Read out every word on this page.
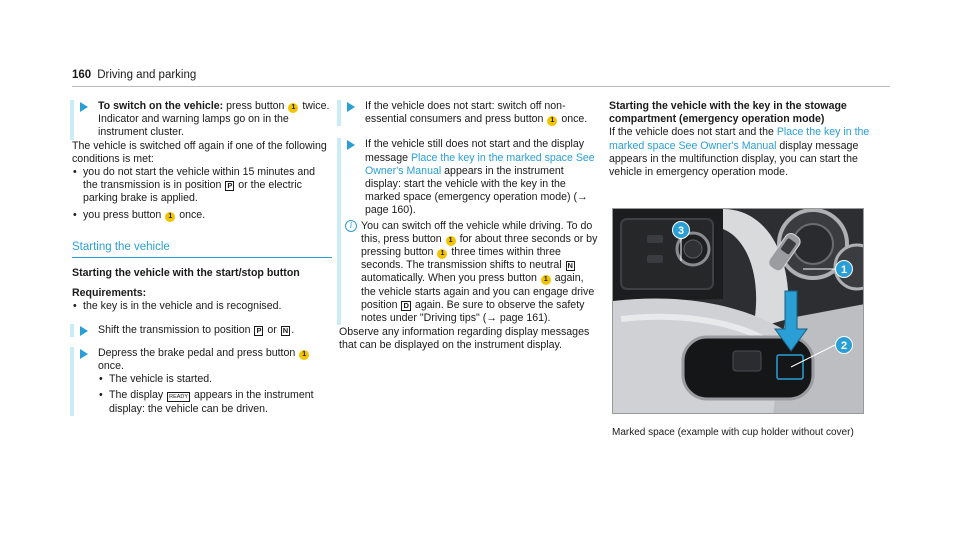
160 Driving and parking

To switch on the vehicle: press button 1 twice.

Indicator and warning lamps go on in the instrument cluster.

The vehicle is switched off again if one of the following conditions is met:

• you do not start the vehicle within 15 minutes and the transmission is in position P or the electric parking brake is applied.
• you press button 1 once.
Starting the vehicle

Starting the vehicle with the start/stop button

Requirements:

• the key is in the vehicle and is recognised.

Shift the transmission to position P or N .

Depress the brake pedal and press button 1 once.

• The vehicle is started.
• The display READY appears in the instrument display: the vehicle can be driven.

If the vehicle does not start: switch off non-essential consumers and press button 1 once.

If the vehicle still does not start and the display message Place the key in the marked space See Owner's Manual appears in the instrument display: start the vehicle with the key in the marked space (emergency operation mode) (→ page 160).

i You can switch off the vehicle while driving. To do this, press button 1 for about three seconds or by pressing button 1 three times within three seconds. The transmission shifts to neutral N automatically. When you press button 1 again, the vehicle starts again and you can engage drive position D again. Be sure to observe the safety notes under "Driving tips" (→ page 161).

Observe any information regarding display messages that can be displayed on the instrument display.

Starting the vehicle with the key in the stowage compartment (emergency operation mode)

If the vehicle does not start and the Place the key in the marked space See Owner's Manual display message appears in the multifunction display, you can start the vehicle in emergency operation mode.

1
2
3
Marked space (example with cup holder without cover)
